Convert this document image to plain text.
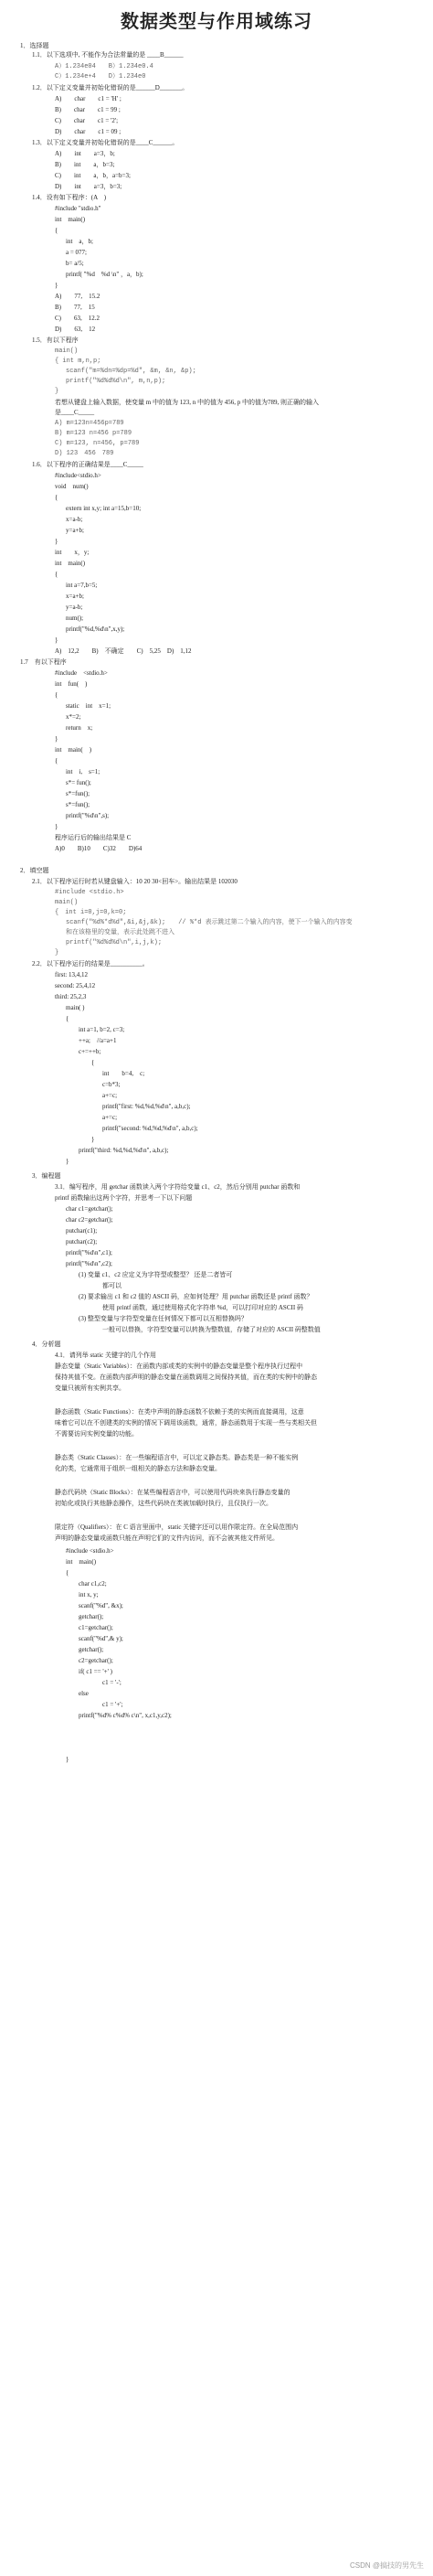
数据类型与作用域练习
1．选择题
1.1．以下选项中, 不能作为合法常量的是 ____B______
A）1.234e04　　B）1.234e0.4
C）1.234e+4　　D）1.234e0
1.2．以下定义变量并初始化错误的是______D_______。
A)　　char　　c1 = 'H' ;
B)　　char　　c1 = 99 ;
C)　　char　　c1 = '2';
D)　　char　　c1 = 09 ;
1.3．以下定义变量并初始化错误的是____C______。
A)　　int　　a=3，b;
B)　　int　　a，b=3;
C)　　int　　a，b，a=b=3;
D)　　int　　a=3，b=3;
1.4．设有如下程序：(A　)
#include "stdio.h"
int　main()
{
int　a，b;
a = 077;
b= a/5;
printf( "%d　%d \n" ，a，b);
}
A)　　77,　15.2
B)　　77,　15
C)　　63,　12.2
D)　　63,　12
1.5．有以下程序
main()
{ int m,n,p;
scanf("m=%dn=%dp=%d", &m, &n, &p);
printf("%d%d%d\n", m,n,p);
}
若想从键盘上输入数据，使变量 m 中的值为 123, n 中的值为 456, p 中的值为789, 则正确的输入
是____C_____
A) m=123n=456p=789
B) m=123 n=456 p=789
C) m=123, n=456, p=789
D) 123　456　789
1.6．以下程序的正确结果是____C_____
#include<stdio.h>
void　num()
{
extern int x,y; int a=15,b=10;
x=a-b;
y=a+b;
}
int　　x，y;
int　main()
{
int a=7,b=5;
x=a+b;
y=a-b;
num();
printf("%d,%d\n",x,y);
}
A)　12,2　　B)　不确定　　C)　5,25　D)　1,12
1.7　有以下程序
#include　<stdio.h>
int　fun(　)
{
static　int　x=1;
x*=2;
return　x;
}
int　main(　)
{
int　i,　s=1;
s*= fun();
s*=fun();
s*=fun();
printf("%d\n",s);
}
程序运行后的输出结果是 C
A)0　　B)10　　C)32　　D)64
2．填空题
2.1．以下程序运行时若从键盘输入：10 20 30<回车>。输出结果是 102030
#include <stdio.h>
main()
{　int i=0,j=0,k=0;
scanf("%d%*d%d",&i,&j,&k);　　// %*d 表示跳过第二个输入的内容，使下一个输入的内容变
和在该格里的变量，表示此处跳不进入
printf("%d%d%d\n",i,j,k);
}
2.2．以下程序运行的结果是__________。
first: 13,4,12
second: 25,4,12
third: 25,2,3
main( )
{
int a=1, b=2, c=3;
++a;　//a=a+1
c+=++b;
{
int　　b=4,　c;
c=b*3;
a+=c;
printf("first: %d,%d,%d\n", a,b,c);
a+=c;
printf("second: %d,%d,%d\n", a,b,c);
}
printf("third: %d,%d,%d\n", a,b,c);
}
3．编程题
3.1．编写程序，用 getchar 函数读入两个字符给变量 c1、c2，然后分别用 putchar 函数和
printf 函数输出这两个字符，并思考一下以下问题
char c1=getchar();
char c2=getchar();
putchar(c1);
putchar(c2);
printf("%d\n",c1);
printf("%d\n",c2);
(1) 变量 c1、c2 应定义为字符型或整型？ 还是二者皆可
都可以
(2) 要求输出 c1 和 c2 值的 ASCII 码，应如何处理？用 putchar 函数还是 printf 函数？
使用 printf 函数，通过使用格式化字符串 %d，可以打印对应的 ASCII 码
(3) 整型变量与字符型变量在任何情况下都可以互相替换吗？
一般可以替换，字符型变量可以转换为整数值，存储了对应的 ASCII 码整数值
4．分析题
4.1．请列举 static 关键字的几个作用
静态变量（Static Variables）：在函数内部或类的实例中的静态变量是整个程序执行过程中
保持其值不变。在函数内部声明的静态变量在函数调用之间保持其值，而在类的实例中的静态
变量只被所有实例共享。
静态函数（Static Functions）：在类中声明的静态函数不依赖于类的实例而直接调用，这意
味着它可以在不创建类的实例的情况下调用该函数，通常，静态函数用于实现一些与类相关但
不需要访问实例变量的功能。
静态类（Static Classes）：在一些编程语言中，可以定义静态类。静态类是一种不能实例
化的类，它通常用于组织一组相关的静态方法和静态变量。
静态代码块（Static Blocks）：在某些编程语言中，可以使用代码块来执行静态变量的
初始化或执行其他静态操作，这些代码块在类被加载时执行，且仅执行一次。
限定符（Qualifiers）：在 C 语言里面中，static 关键字还可以用作限定符。在全局范围内
声明的静态变量或函数只能在声明它们的文件内访问，而不会被其他文件所见。
#include <stdio.h>
int　main()
{
char c1,c2;
int x, y;
scanf("%d", &x);
getchar();
c1=getchar();
scanf("%d",& y);
getchar();
c2=getchar();
if( c1 == '+' )
c1 = '-';
else
c1 = '+';
printf("%d% c%d% c\n", x,c1,y,c2);
}
CSDN @搞技的男先生
